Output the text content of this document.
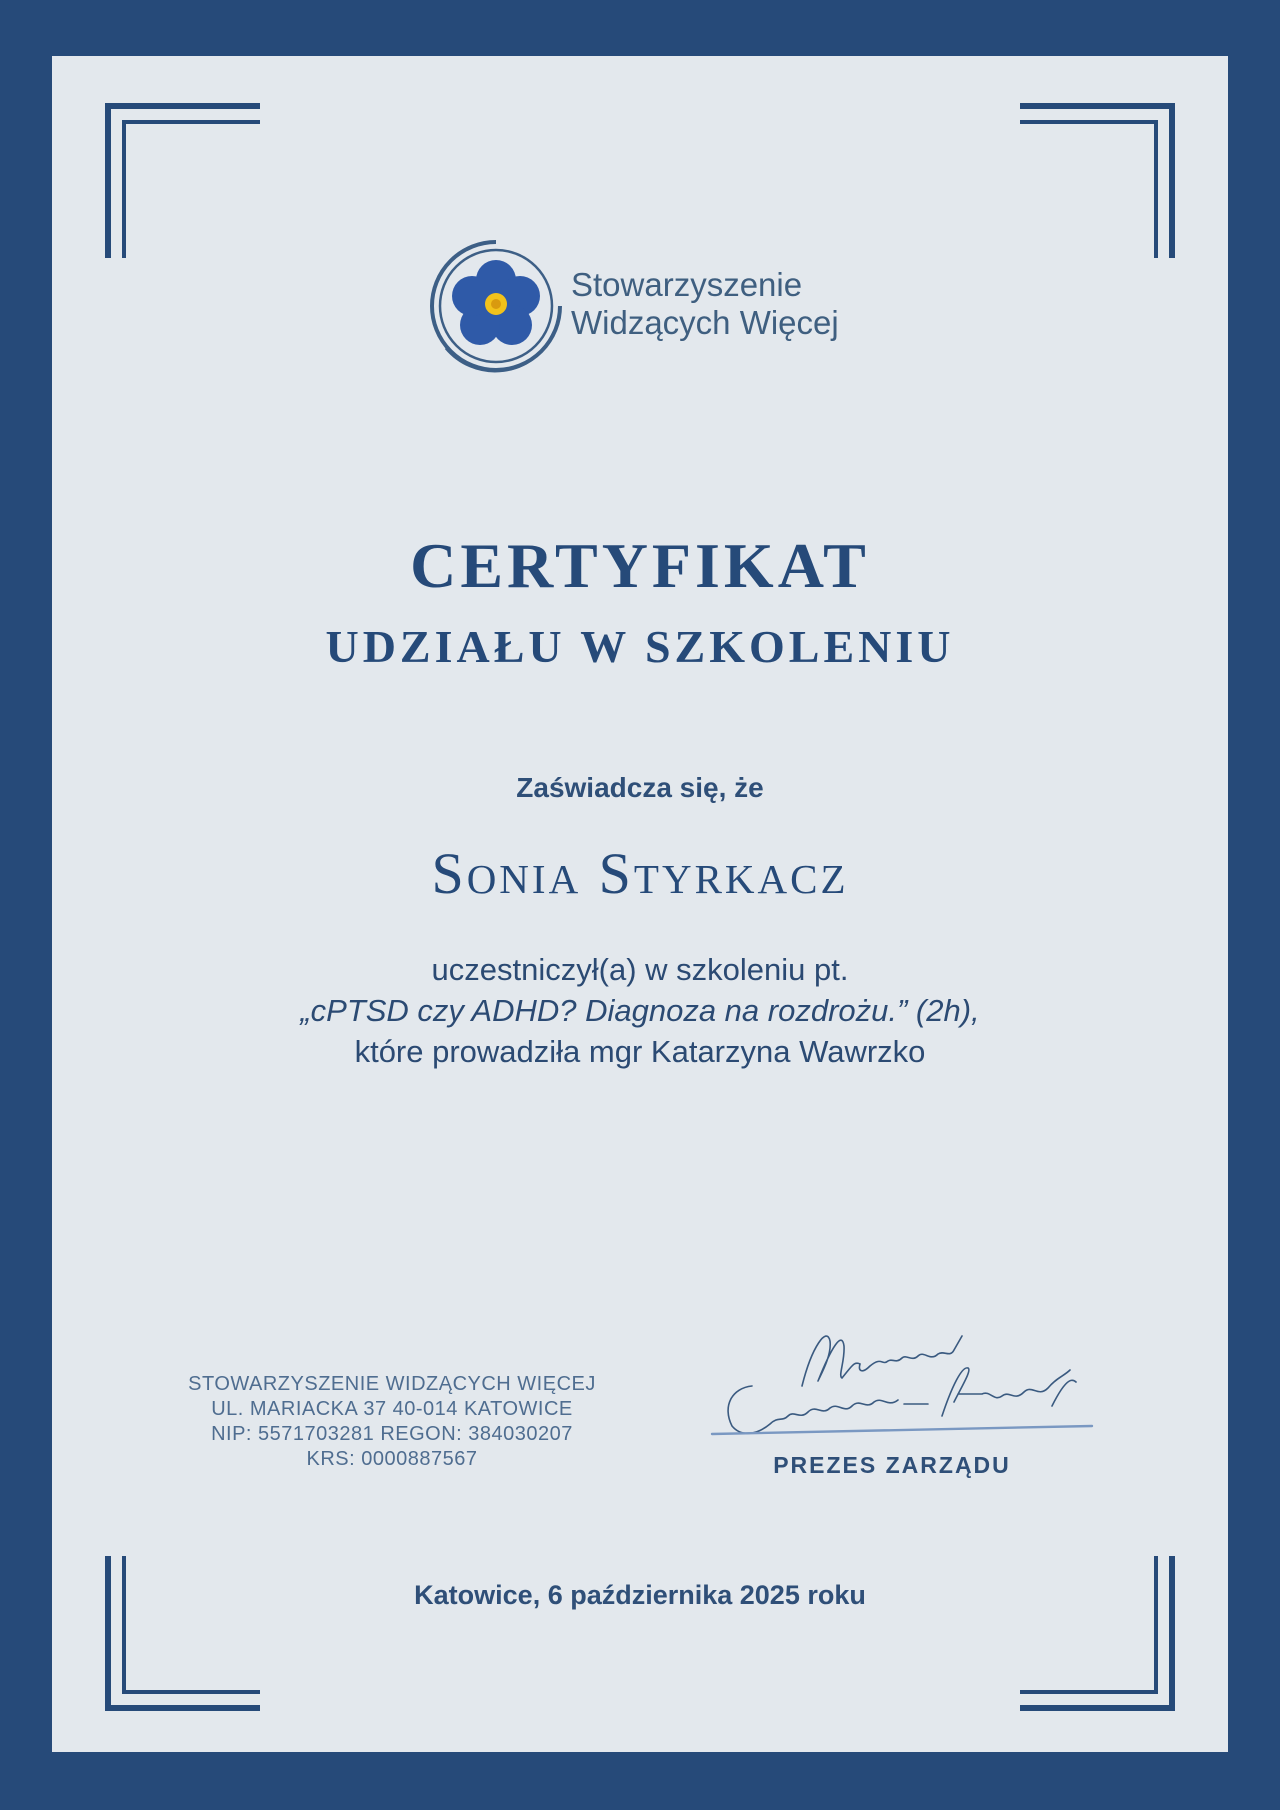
Stowarzyszenie
Widzących Więcej
certyfikat
UDZIAŁU W SZKOLENIU
Zaświadcza się, że
Sonia Styrkacz
uczestniczył(a) w szkoleniu pt.
„cPTSD czy ADHD? Diagnoza na rozdrożu.” (2h),
które prowadziła mgr Katarzyna Wawrzko
STOWARZYSZENIE WIDZĄCYCH WIĘCEJ
UL. MARIACKA 37 40-014 KATOWICE
NIP: 5571703281 REGON: 384030207
KRS: 0000887567	PREZES ZARZĄDU
Katowice, 6 października 2025 roku
